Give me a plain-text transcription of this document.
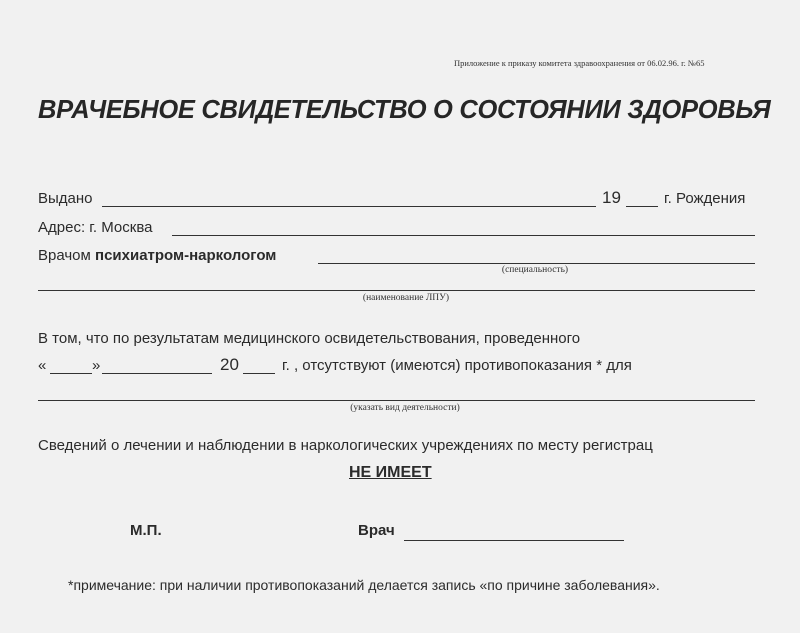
Приложение к приказу комитета здравоохранения от 06.02.96. г. №65
ВРАЧЕБНОЕ СВИДЕТЕЛЬСТВО О СОСТОЯНИИ ЗДОРОВЬЯ
Выдано	19	г. Рождения
Адрес: г. Москва
Врачом психиатром-наркологом
(специальность)
(наименование ЛПУ)
В том, что по результатам медицинского освидетельствования, проведенного
«	»	20	г. , отсутствуют (имеются) противопоказания * для
(указать вид деятельности)
Сведений о лечении и наблюдении в наркологических учреждениях по месту регистрац
НЕ ИМЕЕТ
М.П.	Врач
*примечание: при наличии противопоказаний делается запись «по причине заболевания».
